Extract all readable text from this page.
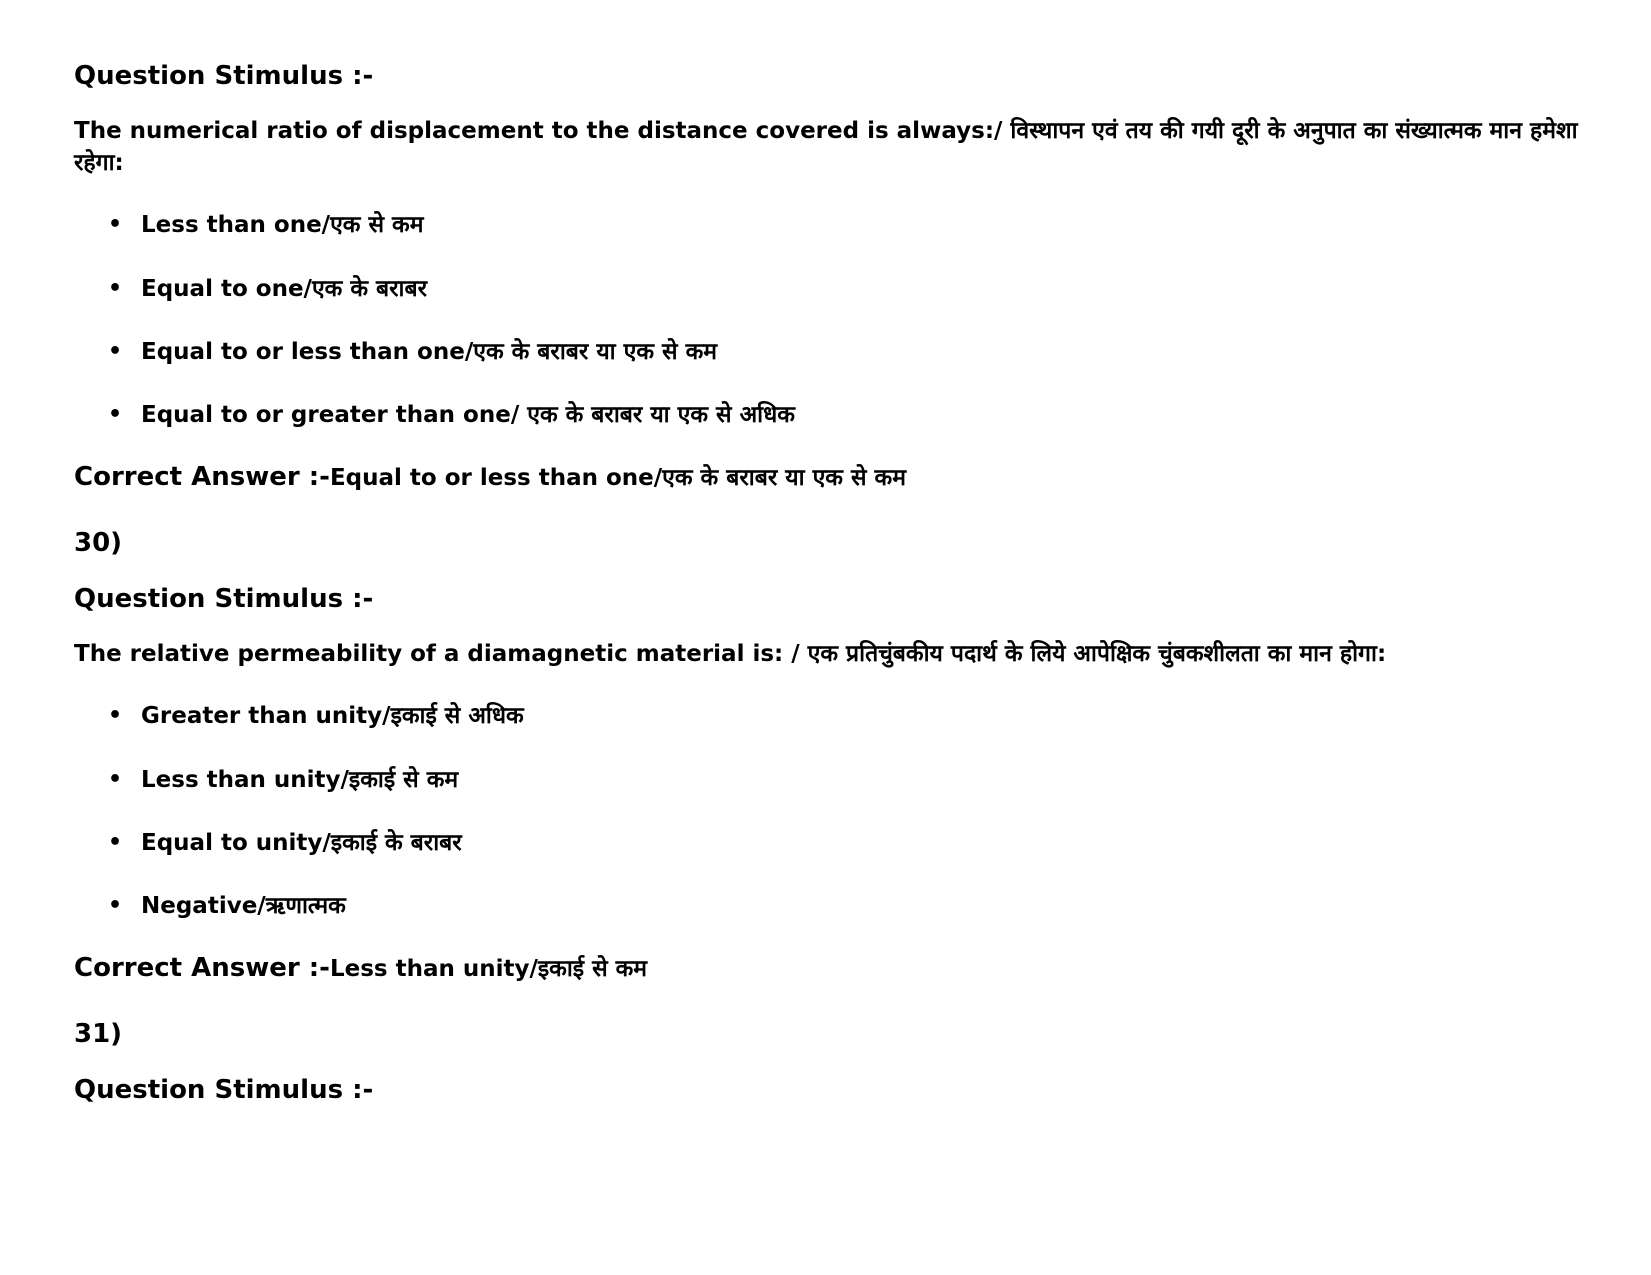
Question Stimulus :-
The numerical ratio of displacement to the distance covered is always:/ विस्थापन एवं तय की गयी दूरी के अनुपात का संख्यात्मक मान हमेशा रहेगा:
• Less than one/एक से कम
• Equal to one/एक के बराबर
• Equal to or less than one/एक के बराबर या एक से कम
• Equal to or greater than one/ एक के बराबर या एक से अधिक
Correct Answer :-Equal to or less than one/एक के बराबर या एक से कम
30)
Question Stimulus :-
The relative permeability of a diamagnetic material is: / एक प्रतिचुंबकीय पदार्थ के लिये आपेक्षिक चुंबकशीलता का मान होगा:
• Greater than unity/इकाई से अधिक
• Less than unity/इकाई से कम
• Equal to unity/इकाई के बराबर
• Negative/ऋणात्मक
Correct Answer :-Less than unity/इकाई से कम
31)
Question Stimulus :-
